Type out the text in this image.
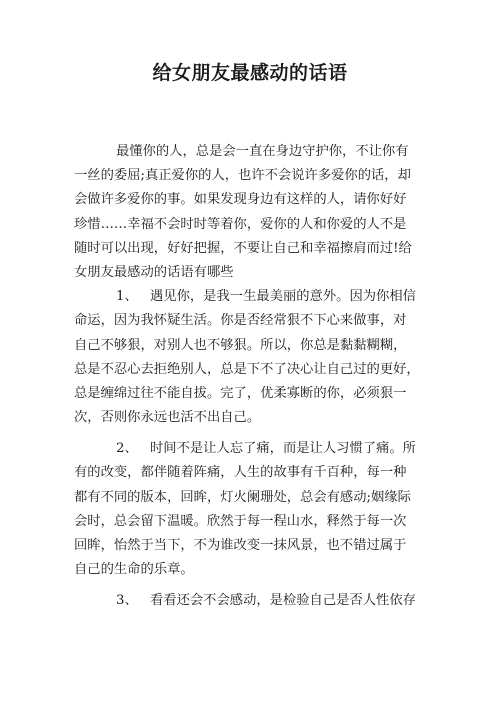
给女朋友最感动的话语
最懂你的人，总是会一直在身边守护你，不让你有
一丝的委屈;真正爱你的人，也许不会说许多爱你的话，却
会做许多爱你的事。如果发现身边有这样的人，请你好好
珍惜……幸福不会时时等着你，爱你的人和你爱的人不是
随时可以出现，好好把握，不要让自己和幸福擦肩而过!给
女朋友最感动的话语有哪些
1、 遇见你，是我一生最美丽的意外。因为你相信
命运，因为我怀疑生活。你是否经常狠不下心来做事，对
自己不够狠，对别人也不够狠。所以，你总是黏黏糊糊，
总是不忍心去拒绝别人，总是下不了决心让自己过的更好，
总是缠绵过往不能自拔。完了，优柔寡断的你，必须狠一
次，否则你永远也活不出自己。
2、 时间不是让人忘了痛，而是让人习惯了痛。所
有的改变，都伴随着阵痛，人生的故事有千百种，每一种
都有不同的版本，回眸，灯火阑珊处，总会有感动;姻缘际
会时，总会留下温暖。欣然于每一程山水，释然于每一次
回眸，怡然于当下，不为谁改变一抹风景，也不错过属于
自己的生命的乐章。
3、 看看还会不会感动，是检验自己是否人性依存
